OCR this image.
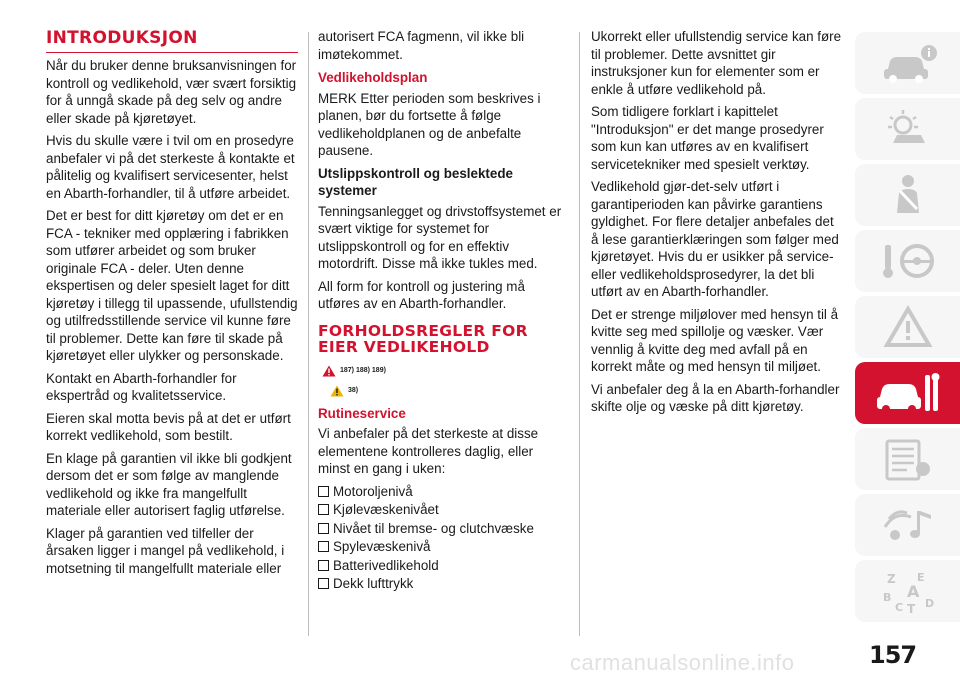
INTRODUKSJON

Når du bruker denne bruksanvisningen for kontroll og vedlikehold, vær svært forsiktig for å unngå skade på deg selv og andre eller skade på kjøretøyet.

Hvis du skulle være i tvil om en prosedyre anbefaler vi på det sterkeste å kontakte et pålitelig og kvalifisert servicesenter, helst en Abarth-forhandler, til å utføre arbeidet.

Det er best for ditt kjøretøy om det er en FCA - tekniker med opplæring i fabrikken som utfører arbeidet og som bruker originale FCA - deler. Uten denne ekspertisen og deler spesielt laget for ditt kjøretøy i tillegg til upassende, ufullstendig og utilfredsstillende service vil kunne føre til problemer. Dette kan føre til skade på kjøretøyet eller ulykker og personskade.

Kontakt en Abarth-forhandler for ekspertråd og kvalitetsservice.

Eieren skal motta bevis på at det er utført korrekt vedlikehold, som bestilt.

En klage på garantien vil ikke bli godkjent dersom det er som følge av manglende vedlikehold og ikke fra mangelfullt materiale eller autorisert faglig utførelse.

Klager på garantien ved tilfeller der årsaken ligger i mangel på vedlikehold, i motsetning til mangelfullt materiale eller

autorisert FCA fagmenn, vil ikke bli imøtekommet.

Vedlikeholdsplan

MERK Etter perioden som beskrives i planen, bør du fortsette å følge vedlikeholdplanen og de anbefalte pausene.

Utslippskontroll og beslektede systemer

Tenningsanlegget og drivstoffsystemet er svært viktige for systemet for utslippskontroll og for en effektiv motordrift. Disse må ikke tukles med.

All form for kontroll og justering må utføres av en Abarth-forhandler.

FORHOLDSREGLER FOR EIER VEDLIKEHOLD
187) 188) 189)
38)
Rutineservice

Vi anbefaler på det sterkeste at disse elementene kontrolleres daglig, eller minst en gang i uken:

Motoroljenivå
Kjølevæskenivået
Nivået til bremse- og clutchvæske
Spylevæskenivå
Batterivedlikehold
Dekk lufttrykk

Ukorrekt eller ufullstendig service kan føre til problemer. Dette avsnittet gir instruksjoner kun for elementer som er enkle å utføre vedlikehold på.

Som tidligere forklart i kapittelet "Introduksjon" er det mange prosedyrer som kun kan utføres av en kvalifisert servicetekniker med spesielt verktøy.

Vedlikehold gjør-det-selv utført i garantiperioden kan påvirke garantiens gyldighet. For flere detaljer anbefales det å lese garantierklæringen som følger med kjøretøyet. Hvis du er usikker på service- eller vedlikeholdsprosedyrer, la det bli utført av en Abarth-forhandler.

Det er strenge miljølover med hensyn til å kvitte seg med spillolje og væsker. Vær vennlig å kvitte deg med avfall på en korrekt måte og med hensyn til miljøet.

Vi anbefaler deg å la en Abarth-forhandler skifte olje og væske på ditt kjøretøy.

Z E
B A
C T D
157
carmanualsonline.info
